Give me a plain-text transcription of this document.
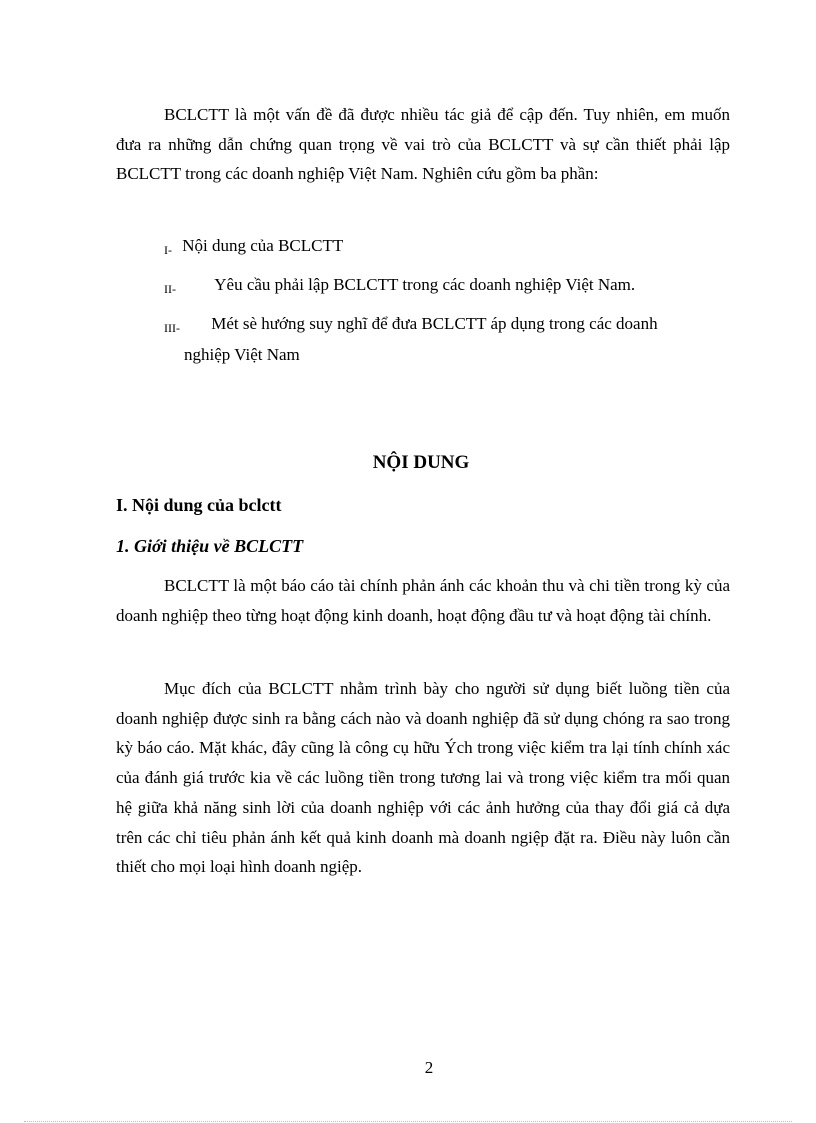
BCLCTT là một vấn đề đã được nhiều tác giả để cập đến. Tuy nhiên, em muốn đưa ra những dẫn chứng quan trọng về vai trò của BCLCTT và sự cần thiết phải lập BCLCTT trong các doanh nghiệp Việt Nam. Nghiên cứu gồm ba phần:

I- Nội dung của BCLCTT
II- Yêu cầu phải lập BCLCTT trong các doanh nghiệp Việt Nam.
III- Mét sè hướng suy nghĩ để đưa BCLCTT áp dụng trong các doanh
nghiệp Việt Nam
NỘI DUNG
I. Nội dung của bclctt
1. Giới thiệu về BCLCTT

BCLCTT là một báo cáo tài chính phản ánh các khoản thu và chi tiền trong kỳ của doanh nghiệp theo từng hoạt động kinh doanh, hoạt động đầu tư và hoạt động tài chính.

Mục đích của BCLCTT nhằm trình bày cho người sử dụng biết luồng tiền của doanh nghiệp được sinh ra bằng cách nào và doanh nghiệp đã sử dụng chóng ra sao trong kỳ báo cáo. Mặt khác, đây cũng là công cụ hữu Ých trong việc kiểm tra lại tính chính xác của đánh giá trước kia về các luồng tiền trong tương lai và trong việc kiểm tra mối quan hệ giữa khả năng sinh lời của doanh nghiệp với các ảnh hưởng của thay đổi giá cả dựa trên các chỉ tiêu phản ánh kết quả kinh doanh mà doanh ngiệp đặt ra. Điều này luôn cần thiết cho mọi loại hình doanh ngiệp.

2
